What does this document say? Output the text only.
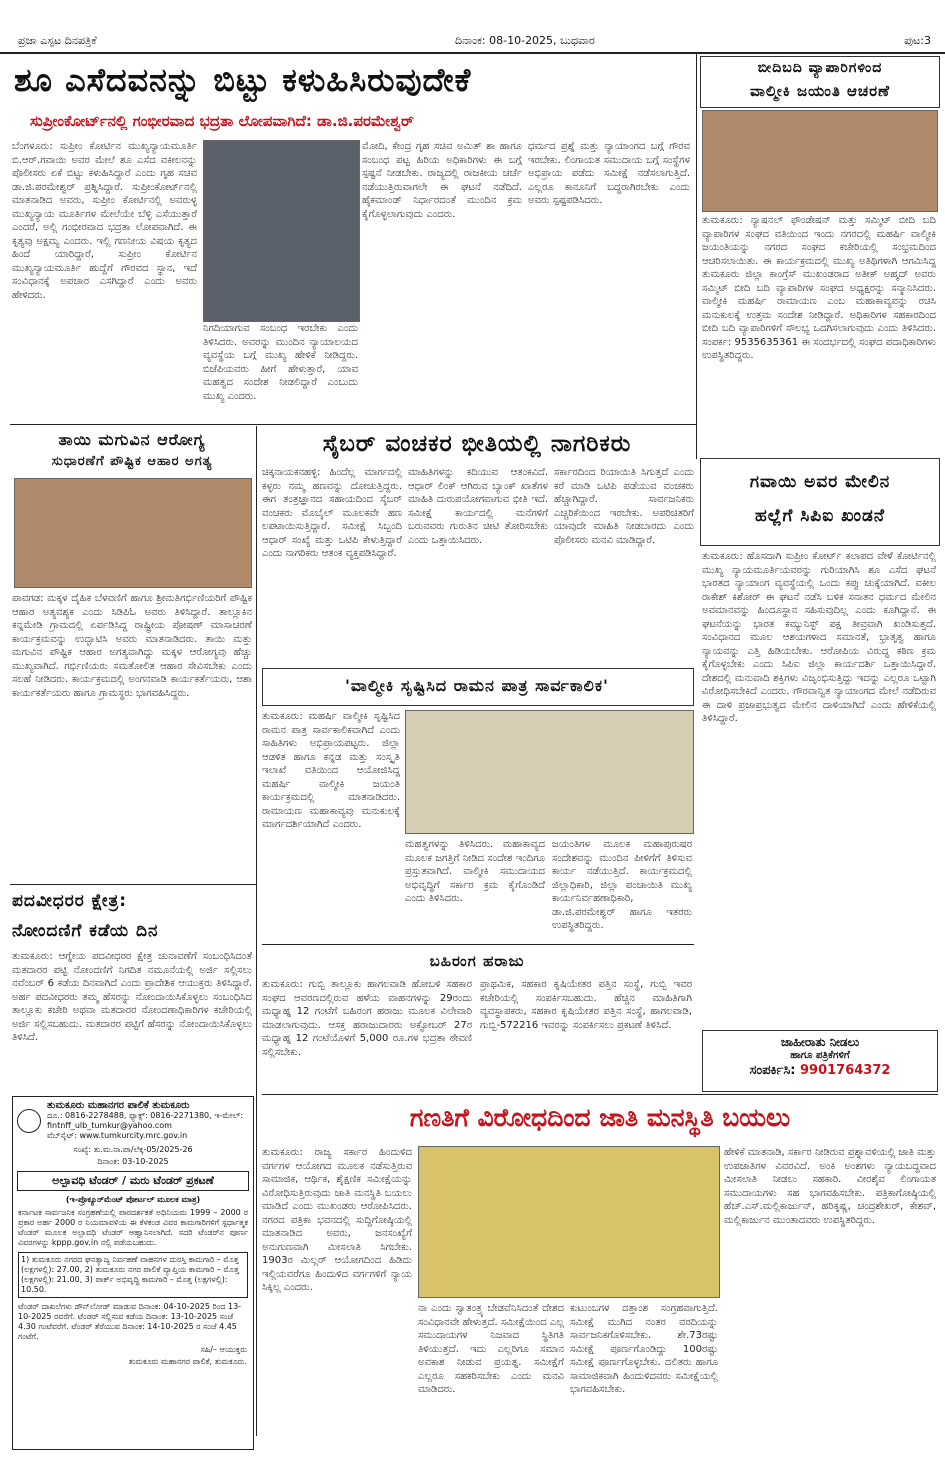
ಪ್ರಜಾ ಎಸ್ಪಟ ದಿನಪತ್ರಿಕೆ	ದಿನಾಂಕ: 08-10-2025, ಬುಧವಾರ	ಪುಟ:3
ಶೂ ಎಸೆದವನನ್ನು ಬಿಟ್ಟು ಕಳುಹಿಸಿರುವುದೇಕೆ
ಸುಪ್ರೀಂಕೋರ್ಟ್‌ನಲ್ಲಿ ಗಂಭೀರವಾದ ಭದ್ರತಾ ಲೋಪವಾಗಿದೆ: ಡಾ.ಜಿ.ಪರಮೇಶ್ವರ್
ಬೆಂಗಳೂರು: ಸುಪ್ರೀಂ ಕೋರ್ಟಿನ ಮುಖ್ಯನ್ಯಾಯಮೂರ್ತಿ ಬಿ.ಆರ್.ಗವಾಯಿ ಅವರ ಮೇಲೆ ಶೂ ಎಸೆದ ವಕೀಲನನ್ನು ಪೊಲೀಸರು ಏಕೆ ಬಿಟ್ಟು ಕಳುಹಿಸಿದ್ದಾರೆ ಎಂದು ಗೃಹ ಸಚಿವ ಡಾ.ಜಿ.ಪರಮೇಶ್ವರ್ ಪ್ರಶ್ನಿಸಿದ್ದಾರೆ. ಸುಪ್ರೀಂಕೋರ್ಟ್‌ನಲ್ಲಿ ಮಾತನಾಡಿದ ಅವರು, ಸುಪ್ರೀಂ ಕೋರ್ಟಿನಲ್ಲಿ ಅವರುಳ್ಳ ಮುಖ್ಯನ್ಯಾಯ ಮೂರ್ತಿಗಳ ಮೇಲೆಯೇ ಬೆಳ್ಳಿ ಎಸೆಯುತ್ತಾರೆ ಎಂದರೆ, ಅಲ್ಲಿ ಗಂಭೀರವಾದ ಭದ್ರತಾ ಲೋಪವಾಗಿದೆ. ಈ ಕೃತ್ಯವು ಅಕ್ಷಮ್ಯ ಎಂದರು. ಇಲ್ಲಿ ಗಣನೀಯ ವಿಷಯ ಕೃತ್ಯದ ಹಿಂದೆ ಯಾರಿದ್ದಾರೆ, ಸುಪ್ರೀಂ ಕೋರ್ಟಿನ ಮುಖ್ಯನ್ಯಾಯಮೂರ್ತಿ ಹುದ್ದೆಗೆ ಗೌರವದ ಸ್ಥಾನ, ಇದೆ ಸಂವಿಧಾನಕ್ಕೆ ಅಪಚಾರ ಎಸಗಿದ್ದಾರೆ ಎಂದು ಅವರು ಹೇಳಿದರು.
ನಿಗದಿಯಾಗುವ ಸಂಬಂಧ ಇರಬೇಕು ಎಂದು ತಿಳಿಸಿದರು. ಅವರನ್ನು ಮುಂದಿನ ನ್ಯಾಯಾಲಯದ ವ್ಯವಸ್ಥೆಯ ಬಗ್ಗೆ ಮುಖ್ಯ ಹೇಳಿಕೆ ನೀಡಿದ್ದರು. ಬಿಜೆಪಿಯವರು ಹೀಗೆ ಹೇಳುತ್ತಾರೆ, ಯಾವ ಮಹತ್ವದ ಸಂದೇಶ ನೀಡಲಿದ್ದಾರೆ ಎಂಬುದು ಮುಖ್ಯ ಎಂದರು.
ಮೋದಿ, ಕೇಂದ್ರ ಗೃಹ ಸಚಿವ ಅಮಿತ್ ಶಾ ಹಾಗೂ ಸಂಬಂಧ ಪಟ್ಟ ಹಿರಿಯ ಅಧಿಕಾರಿಗಳು ಈ ಬಗ್ಗೆ ಸ್ಪಷ್ಟನೆ ನೀಡಬೇಕು. ರಾಜ್ಯದಲ್ಲಿ ರಾಜಕೀಯ ಚರ್ಚೆ ನಡೆಯುತ್ತಿರುವಾಗಲೇ ಈ ಘಟನೆ ನಡೆದಿದೆ. ಹೈಕಮಾಂಡ್ ನಿರ್ಧಾರದಂತೆ ಮುಂದಿನ ಕ್ರಮ ಕೈಗೊಳ್ಳಲಾಗುವುದು ಎಂದರು.
ಧರ್ಮದ ಪ್ರಶ್ನೆ ಮತ್ತು ನ್ಯಾಯಾಂಗದ ಬಗ್ಗೆ ಗೌರವ ಇರಬೇಕು. ಲಿಂಗಾಯತ ಸಮುದಾಯ ಬಗ್ಗೆ ಸಂಸ್ಥೆಗಳ ಅಭಿಪ್ರಾಯ ಪಡೆದು ಸಮೀಕ್ಷೆ ನಡೆಸಲಾಗುತ್ತಿದೆ. ಎಲ್ಲರೂ ಕಾನೂನಿಗೆ ಬದ್ಧರಾಗಿರಬೇಕು ಎಂದು ಅವರು ಸ್ಪಷ್ಟಪಡಿಸಿದರು.
ಬೀದಿಬದಿ ವ್ಯಾಪಾರಿಗಳಿಂದ
ವಾಲ್ಮೀಕಿ ಜಯಂತಿ ಆಚರಣೆ
ತುಮಕೂರು: ನ್ಯಾಷನಲ್ ಫೌಂಡೇಷನ್ ಮತ್ತು ಸಮ್ಮಿಟ್ ಬೀದಿ ಬದಿ ವ್ಯಾಪಾರಿಗಳ ಸಂಘದ ವತಿಯಿಂದ ಇಂದು ನಗರದಲ್ಲಿ ಮಹರ್ಷಿ ವಾಲ್ಮೀಕಿ ಜಯಂತಿಯನ್ನು ನಗರದ ಸಂಘದ ಕಚೇರಿಯಲ್ಲಿ ಸಂಭ್ರಮದಿಂದ ಆಚರಿಸಲಾಯಿತು. ಈ ಕಾರ್ಯಕ್ರಮದಲ್ಲಿ ಮುಖ್ಯ ಅತಿಥಿಗಳಾಗಿ ಆಗಮಿಸಿದ್ದ ತುಮಕೂರು ಜಿಲ್ಲಾ ಕಾಂಗ್ರೆಸ್ ಮುಖಂಡರಾದ ಅತೀಕ್ ಅಹ್ಮದ್ ಅವರು ಸಮ್ಮಿಟ್ ಬೀದಿ ಬದಿ ವ್ಯಾಪಾರಿಗಳ ಸಂಘದ ಅಧ್ಯಕ್ಷರನ್ನು ಸನ್ಮಾನಿಸಿದರು. ವಾಲ್ಮೀಕಿ ಮಹರ್ಷಿ ರಾಮಾಯಣ ಎಂಬ ಮಹಾಕಾವ್ಯವನ್ನು ರಚಿಸಿ ಮನುಕುಲಕ್ಕೆ ಉತ್ತಮ ಸಂದೇಶ ನೀಡಿದ್ದಾರೆ. ಅಧಿಕಾರಿಗಳ ಸಹಕಾರದಿಂದ ಬೀದಿ ಬದಿ ವ್ಯಾಪಾರಿಗಳಿಗೆ ಸೌಲಭ್ಯ ಒದಗಿಸಲಾಗುವುದು ಎಂದು ತಿಳಿಸಿದರು. ಸಂಪರ್ಕ: 9535635361 ಈ ಸಂದರ್ಭದಲ್ಲಿ ಸಂಘದ ಪದಾಧಿಕಾರಿಗಳು ಉಪಸ್ಥಿತರಿದ್ದರು.
ತಾಯಿ ಮಗುವಿನ ಆರೋಗ್ಯ
ಸುಧಾರಣೆಗೆ ಪೌಷ್ಟಿಕ ಆಹಾರ ಅಗತ್ಯ
ಪಾವಗಡ: ಮಕ್ಕಳ ದೈಹಿಕ ಬೆಳವಣಿಗೆ ಹಾಗೂ ಶ್ರೀಮತಿಗರ್ಭಿಣಿಯರಿಗೆ ಪೌಷ್ಟಿಕ ಆಹಾರ ಅತ್ಯವಶ್ಯಕ ಎಂದು ಸಿಡಿಪಿಓ ಅವರು ತಿಳಿಸಿದ್ದಾರೆ. ತಾಲ್ಲೂಕಿನ ಕನ್ನಮೇಡಿ ಗ್ರಾಮದಲ್ಲಿ ಏರ್ಪಡಿಸಿದ್ದ ರಾಷ್ಟ್ರೀಯ ಪೋಷಣ್ ಮಾಸಾಚರಣೆ ಕಾರ್ಯಕ್ರಮವನ್ನು ಉದ್ಘಾಟಿಸಿ ಅವರು ಮಾತನಾಡಿದರು. ತಾಯಿ ಮತ್ತು ಮಗುವಿನ ಪೌಷ್ಟಿಕ ಆಹಾರ ಅಗತ್ಯವಾಗಿದ್ದು ಮಕ್ಕಳ ಆರೋಗ್ಯವು ಹೆಚ್ಚು ಮುಖ್ಯವಾಗಿದೆ. ಗರ್ಭಿಣಿಯರು ಸಮತೋಲಿತ ಆಹಾರ ಸೇವಿಸಬೇಕು ಎಂದು ಸಲಹೆ ನೀಡಿದರು. ಕಾರ್ಯಕ್ರಮದಲ್ಲಿ ಅಂಗನವಾಡಿ ಕಾರ್ಯಕರ್ತೆಯರು, ಆಶಾ ಕಾರ್ಯಕರ್ತೆಯರು ಹಾಗೂ ಗ್ರಾಮಸ್ಥರು ಭಾಗವಹಿಸಿದ್ದರು.
ಸೈಬರ್ ವಂಚಕರ ಭೀತಿಯಲ್ಲಿ ನಾಗರಿಕರು
ಚಿಕ್ಕನಾಯಕನಹಳ್ಳಿ: ಹಿಂದೆಲ್ಲ ಮಾರ್ಗದಲ್ಲಿ ಕಳ್ಳರು ನಮ್ಮ ಹಣವನ್ನು ದೋಚುತ್ತಿದ್ದರು. ಈಗ ತಂತ್ರಜ್ಞಾನದ ಸಹಾಯದಿಂದ ಸೈಬರ್ ವಂಚಕರು ಮೊಬೈಲ್ ಮೂಲಕವೇ ಹಣ ಲಪಟಾಯಿಸುತ್ತಿದ್ದಾರೆ. ಸಮೀಕ್ಷೆ ಸಿಬ್ಬಂದಿ ಆಧಾರ್ ಸಂಖ್ಯೆ ಮತ್ತು ಒಟಿಪಿ ಕೇಳುತ್ತಿದ್ದಾರೆ ಎಂದು ನಾಗರಿಕರು ಆತಂಕ ವ್ಯಕ್ತಪಡಿಸಿದ್ದಾರೆ.
ಮಾಹಿತಿಗಳನ್ನು ಕದಿಯುವ ಆತಂಕವಿದೆ. ಆಧಾರ್ ಲಿಂಕ್ ಆಗಿರುವ ಬ್ಯಾಂಕ್ ಖಾತೆಗಳ ಮಾಹಿತಿ ದುರುಪಯೋಗವಾಗುವ ಭೀತಿ ಇದೆ. ಸಮೀಕ್ಷೆ ಕಾರ್ಯದಲ್ಲಿ ಮನೆಗಳಿಗೆ ಬರುವವರು ಗುರುತಿನ ಚೀಟಿ ತೋರಿಸಬೇಕು ಎಂದು ಒತ್ತಾಯಿಸಿದರು.
ಸರ್ಕಾರದಿಂದ ರಿಯಾಯಿತಿ ಸಿಗುತ್ತದೆ ಎಂದು ಕರೆ ಮಾಡಿ ಒಟಿಪಿ ಪಡೆಯುವ ವಂಚಕರು ಹೆಚ್ಚಾಗಿದ್ದಾರೆ. ಸಾರ್ವಜನಿಕರು ಎಚ್ಚರಿಕೆಯಿಂದ ಇರಬೇಕು. ಅಪರಿಚಿತರಿಗೆ ಯಾವುದೇ ಮಾಹಿತಿ ನೀಡಬಾರದು ಎಂದು ಪೊಲೀಸರು ಮನವಿ ಮಾಡಿದ್ದಾರೆ.
ಗವಾಯಿ ಅವರ ಮೇಲಿನ
ಹಲ್ಲೆಗೆ ಸಿಪಿಐ ಖಂಡನೆ
ತುಮಕೂರು: ಹೊಸದಾಗಿ ಸುಪ್ರೀಂ ಕೋರ್ಟ್ ಕಲಾಪದ ವೇಳೆ ಕೋರ್ಟಿನಲ್ಲಿ ಮುಖ್ಯ ನ್ಯಾಯಮೂರ್ತಿಯವರನ್ನು ಗುರಿಯಾಗಿಸಿ ಶೂ ಎಸೆದ ಘಟನೆ ಭಾರತದ ನ್ಯಾಯಾಂಗ ವ್ಯವಸ್ಥೆಯಲ್ಲಿ ಒಂದು ಕಪ್ಪು ಚುಕ್ಕೆಯಾಗಿದೆ. ವಕೀಲ ರಾಕೇಶ್ ಕಿಶೋರ್ ಈ ಘಟನೆ ನಡೆಸಿ ಬಳಿಕ ಸನಾತನ ಧರ್ಮದ ಮೇಲಿನ ಅವಮಾನವನ್ನು ಹಿಂದೂಸ್ಥಾನ ಸಹಿಸುವುದಿಲ್ಲ ಎಂದು ಕೂಗಿದ್ದಾನೆ. ಈ ಘಟನೆಯನ್ನು ಭಾರತ ಕಮ್ಯುನಿಸ್ಟ್ ಪಕ್ಷ ತೀವ್ರವಾಗಿ ಖಂಡಿಸುತ್ತದೆ. ಸಂವಿಧಾನದ ಮೂಲ ಆಶಯಗಳಾದ ಸಮಾನತೆ, ಭ್ರಾತೃತ್ವ ಹಾಗೂ ನ್ಯಾಯವನ್ನು ಎತ್ತಿ ಹಿಡಿಯಬೇಕು. ಆರೋಪಿಯ ವಿರುದ್ಧ ಕಠಿಣ ಕ್ರಮ ಕೈಗೊಳ್ಳಬೇಕು ಎಂದು ಸಿಪಿಐ ಜಿಲ್ಲಾ ಕಾರ್ಯದರ್ಶಿ ಒತ್ತಾಯಿಸಿದ್ದಾರೆ. ದೇಶದಲ್ಲಿ ಮನುವಾದಿ ಶಕ್ತಿಗಳು ವಿಜೃಂಭಿಸುತ್ತಿದ್ದು ಇದನ್ನು ಎಲ್ಲರೂ ಒಟ್ಟಾಗಿ ವಿರೋಧಿಸಬೇಕಿದೆ ಎಂದರು. ಗೌರವಾನ್ವಿತ ನ್ಯಾಯಾಂಗದ ಮೇಲೆ ನಡೆದಿರುವ ಈ ದಾಳಿ ಪ್ರಜಾಪ್ರಭುತ್ವದ ಮೇಲಿನ ದಾಳಿಯಾಗಿದೆ ಎಂದು ಹೇಳಿಕೆಯಲ್ಲಿ ತಿಳಿಸಿದ್ದಾರೆ.
'ವಾಲ್ಮೀಕಿ ಸೃಷ್ಟಿಸಿದ ರಾಮನ ಪಾತ್ರ ಸಾರ್ವಕಾಲಿಕ'
ತುಮಕೂರು: ಮಹರ್ಷಿ ವಾಲ್ಮೀಕಿ ಸೃಷ್ಟಿಸಿದ ರಾಮನ ಪಾತ್ರ ಸಾರ್ವಕಾಲಿಕವಾಗಿದೆ ಎಂದು ಸಾಹಿತಿಗಳು ಅಭಿಪ್ರಾಯಪಟ್ಟರು. ಜಿಲ್ಲಾ ಆಡಳಿತ ಹಾಗೂ ಕನ್ನಡ ಮತ್ತು ಸಂಸ್ಕೃತಿ ಇಲಾಖೆ ವತಿಯಿಂದ ಆಯೋಜಿಸಿದ್ದ ಮಹರ್ಷಿ ವಾಲ್ಮೀಕಿ ಜಯಂತಿ ಕಾರ್ಯಕ್ರಮದಲ್ಲಿ ಮಾತನಾಡಿದರು. ರಾಮಾಯಣ ಮಹಾಕಾವ್ಯವು ಮನುಕುಲಕ್ಕೆ ಮಾರ್ಗದರ್ಶಿಯಾಗಿದೆ ಎಂದರು.
ಮಹತ್ವಗಳನ್ನು ತಿಳಿಸಿದರು. ಮಹಾಕಾವ್ಯದ ಮೂಲಕ ಜಗತ್ತಿಗೆ ನೀಡಿದ ಸಂದೇಶ ಇಂದಿಗೂ ಪ್ರಸ್ತುತವಾಗಿದೆ. ವಾಲ್ಮೀಕಿ ಸಮುದಾಯದ ಅಭಿವೃದ್ಧಿಗೆ ಸರ್ಕಾರ ಕ್ರಮ ಕೈಗೊಂಡಿದೆ ಎಂದು ತಿಳಿಸಿದರು.
ಜಯಂತಿಗಳ ಮೂಲಕ ಮಹಾಪುರುಷರ ಸಂದೇಶವನ್ನು ಮುಂದಿನ ಪೀಳಿಗೆಗೆ ತಿಳಿಸುವ ಕಾರ್ಯ ನಡೆಯುತ್ತಿದೆ. ಕಾರ್ಯಕ್ರಮದಲ್ಲಿ ಜಿಲ್ಲಾಧಿಕಾರಿ, ಜಿಲ್ಲಾ ಪಂಚಾಯಿತಿ ಮುಖ್ಯ ಕಾರ್ಯನಿರ್ವಹಣಾಧಿಕಾರಿ, ಡಾ.ಜಿ.ಪರಮೇಶ್ವರ್ ಹಾಗೂ ಇತರರು ಉಪಸ್ಥಿತರಿದ್ದರು.
ಪದವೀಧರರ ಕ್ಷೇತ್ರ:
ನೋಂದಣಿಗೆ ಕಡೆಯ ದಿನ
ತುಮಕೂರು: ಆಗ್ನೇಯ ಪದವೀಧರರ ಕ್ಷೇತ್ರ ಚುನಾವಣೆಗೆ ಸಂಬಂಧಿಸಿದಂತೆ ಮತದಾರರ ಪಟ್ಟಿ ನೋಂದಣಿಗೆ ನಿಗದಿತ ನಮೂನೆಯಲ್ಲಿ ಅರ್ಜಿ ಸಲ್ಲಿಸಲು ನವೆಂಬರ್ 6 ಕಡೆಯ ದಿನವಾಗಿದೆ ಎಂದು ಪ್ರಾದೇಶಿಕ ಆಯುಕ್ತರು ತಿಳಿಸಿದ್ದಾರೆ. ಅರ್ಹ ಪದವೀಧರರು ತಮ್ಮ ಹೆಸರನ್ನು ನೋಂದಾಯಿಸಿಕೊಳ್ಳಲು ಸಂಬಂಧಿಸಿದ ತಾಲ್ಲೂಕು ಕಚೇರಿ ಅಥವಾ ಮತದಾರರ ನೋಂದಣಾಧಿಕಾರಿಗಳ ಕಚೇರಿಯಲ್ಲಿ ಅರ್ಜಿ ಸಲ್ಲಿಸಬಹುದು. ಮತದಾರರ ಪಟ್ಟಿಗೆ ಹೆಸರನ್ನು ನೋಂದಾಯಿಸಿಕೊಳ್ಳಲು ತಿಳಿಸಿದೆ.
ಬಹಿರಂಗ ಹರಾಜು
ತುಮಕೂರು: ಗುಬ್ಬಿ ತಾಲ್ಲೂಕು ಹಾಗಲವಾಡಿ ಹೋಬಳಿ ಸಹಕಾರ ಸಂಘದ ಆವರಣದಲ್ಲಿರುವ ಹಳೆಯ ವಾಹನಗಳನ್ನು 29ರಂದು ಮಧ್ಯಾಹ್ನ 12 ಗಂಟೆಗೆ ಬಹಿರಂಗ ಹರಾಜು ಮೂಲಕ ವಿಲೇವಾರಿ ಮಾಡಲಾಗುವುದು. ಆಸಕ್ತ ಹರಾಜುದಾರರು ಅಕ್ಟೋಬರ್ 27ರ ಮಧ್ಯಾಹ್ನ 12 ಗಂಟೆಯೊಳಗೆ 5,000 ರೂ.ಗಳ ಭದ್ರತಾ ಠೇವಣಿ ಸಲ್ಲಿಸಬೇಕು.
ಪ್ರಾಥಮಿಕ, ಸಹಕಾರ ಕೃಷಿಯೇತರ ಪತ್ತಿನ ಸಂಸ್ಥೆ, ಗುಬ್ಬಿ ಇವರ ಕಚೇರಿಯಲ್ಲಿ ಸಂಪರ್ಕಿಸಬಹುದು. ಹೆಚ್ಚಿನ ಮಾಹಿತಿಗಾಗಿ ವ್ಯವಸ್ಥಾಪಕರು, ಸಹಕಾರ ಕೃಷಿಯೇತರ ಪತ್ತಿನ ಸಂಸ್ಥೆ, ಹಾಗಲವಾಡಿ, ಗುಬ್ಬಿ-572216 ಇವರನ್ನು ಸಂಪರ್ಕಿಸಲು ಪ್ರಕಟಣೆ ತಿಳಿಸಿದೆ.
ಜಾಹೀರಾತು ನೀಡಲು
ಹಾಗೂ ಪತ್ರಿಕೆಗಳಿಗೆ
ಸಂಪರ್ಕಿಸಿ: 9901764372
ತುಮಕೂರು ಮಹಾನಗರ ಪಾಲಿಕೆ ತುಮಕೂರು
ದೂ.: 0816-2278488, ಫ್ಯಾಕ್ಸ್: 0816-2271380, ಇ-ಮೇಲ್: fintnff_ulb_tumkur@yahoo.com
ವೆಬ್‌ಸೈಟ್: www.tumkurcity.mrc.gov.in
ಸಂಖ್ಯೆ: ತು.ಮ.ನಾ.ಪಾ/ಲೆಕ್ಕ-05/2025-26
ದಿನಾಂಕ: 03-10-2025
ಅಲ್ಪಾವಧಿ ಟೆಂಡರ್ / ಮರು ಟೆಂಡರ್ ಪ್ರಕಟಣೆ
(ಇ-ಪ್ರೊಕ್ಯೂರ್‌ಮೆಂಟ್ ಪೋರ್ಟಲ್ ಮೂಲಕ ಮಾತ್ರ)
ಕರ್ನಾಟಕ ಸಾರ್ವಜನಿಕ ಸಂಗ್ರಹಣೆಯಲ್ಲಿ ಪಾರದರ್ಶಕತೆ ಅಧಿನಿಯಮ 1999 – 2000 ರ ಪ್ರಕಾರ ಅರ್ಹ 2000 ರ ನಿಯಮಾವಳಿಯ ಈ ಕೆಳಕಂಡ ವಿವರ ಕಾಮಗಾರಿಗಳಿಗೆ ಸ್ಪರ್ಧಾತ್ಮಕ ಟೆಂಡರ್ ಮೂಲಕ ಅಲ್ಪಾವಧಿ ಟೆಂಡರ್ ಆಹ್ವಾನಿಸಲಾಗಿದೆ. ಸದರಿ ಟೆಂಡರ್‌ನ ಪೂರ್ಣ ವಿವರಗಳನ್ನು kppp.gov.in ನಲ್ಲಿ ಪಡೆಯಬಹುದು.
1) ತುಮಕೂರು ನಗರದ ಘನತ್ಯಾಜ್ಯ ನಿರ್ವಹಣೆ ವಾಹನಗಳ ದುರಸ್ತಿ ಕಾಮಗಾರಿ – ಮೊತ್ತ (ಲಕ್ಷಗಳಲ್ಲಿ): 27.00, 2) ತುಮಕೂರು ನಗರ ಪಾಲಿಕೆ ವ್ಯಾಪ್ತಿಯ ಕಾಮಗಾರಿ – ಮೊತ್ತ (ಲಕ್ಷಗಳಲ್ಲಿ): 21.00, 3) ಪಾರ್ಕ್ ಅಭಿವೃದ್ಧಿ ಕಾಮಗಾರಿ – ಮೊತ್ತ (ಲಕ್ಷಗಳಲ್ಲಿ): 10.50.
ಟೆಂಡರ್ ದಾಖಲೆಗಳು ಡೌನ್‌ಲೋಡ್ ಮಾಡುವ ದಿನಾಂಕ: 04-10-2025 ರಿಂದ 13-10-2025 ರವರೆಗೆ. ಟೆಂಡರ್ ಸಲ್ಲಿಸುವ ಕಡೆಯ ದಿನಾಂಕ: 13-10-2025 ಸಂಜೆ 4.30 ಗಂಟೆವರೆಗೆ. ಟೆಂಡರ್ ತೆರೆಯುವ ದಿನಾಂಕ: 14-10-2025 ರ ಸಂಜೆ 4.45 ಗಂಟೆಗೆ.
ಸಹಿ/– ಆಯುಕ್ತರು
ತುಮಕೂರು ಮಹಾನಗರ ಪಾಲಿಕೆ, ತುಮಕೂರು.
ಗಣತಿಗೆ ವಿರೋಧದಿಂದ ಜಾತಿ ಮನಸ್ಥಿತಿ ಬಯಲು
ತುಮಕೂರು: ರಾಜ್ಯ ಸರ್ಕಾರ ಹಿಂದುಳಿದ ವರ್ಗಗಳ ಆಯೋಗದ ಮೂಲಕ ನಡೆಸುತ್ತಿರುವ ಸಾಮಾಜಿಕ, ಆರ್ಥಿಕ, ಶೈಕ್ಷಣಿಕ ಸಮೀಕ್ಷೆಯನ್ನು ವಿರೋಧಿಸುತ್ತಿರುವುದು ಜಾತಿ ಮನಸ್ಥಿತಿ ಬಯಲು ಮಾಡಿದೆ ಎಂದು ಮುಖಂಡರು ಆರೋಪಿಸಿದರು. ನಗರದ ಪತ್ರಿಕಾ ಭವನದಲ್ಲಿ ಸುದ್ದಿಗೋಷ್ಠಿಯಲ್ಲಿ ಮಾತನಾಡಿದ ಅವರು, ಜನಸಂಖ್ಯೆಗೆ ಅನುಗುಣವಾಗಿ ಮೀಸಲಾತಿ ಸಿಗಬೇಕು. 1903ರ ಮಿಲ್ಲರ್ ಆಯೋಗದಿಂದ ಹಿಡಿದು ಇಲ್ಲಿಯವರೆಗೂ ಹಿಂದುಳಿದ ವರ್ಗಗಳಿಗೆ ನ್ಯಾಯ ಸಿಕ್ಕಿಲ್ಲ ಎಂದರು.
ನಾ ಎಂದು ಸ್ವಾತಂತ್ರ್ಯ ಬೇಡವೆನಿಸಿದಂತೆ ದೇಶದ ಸಂವಿಧಾನವೇ ಹೇಳುತ್ತದೆ. ಸಮೀಕ್ಷೆಯಿಂದ ಎಲ್ಲ ಸಮುದಾಯಗಳ ನಿಜವಾದ ಸ್ಥಿತಿಗತಿ ತಿಳಿಯುತ್ತದೆ. ಇದು ಎಲ್ಲರಿಗೂ ಸಮಾನ ಅವಕಾಶ ನೀಡುವ ಪ್ರಯತ್ನ. ಸಮೀಕ್ಷೆಗೆ ಎಲ್ಲರೂ ಸಹಕರಿಸಬೇಕು ಎಂದು ಮನವಿ ಮಾಡಿದರು.
ಕುಟುಂಬಗಳ ದತ್ತಾಂಶ ಸಂಗ್ರಹವಾಗುತ್ತಿದೆ. ಸಮೀಕ್ಷೆ ಮುಗಿದ ನಂತರ ವರದಿಯನ್ನು ಸಾರ್ವಜನಿಕಗೊಳಿಸಬೇಕು. ಶೇ.73ರಷ್ಟು ಸಮೀಕ್ಷೆ ಪೂರ್ಣಗೊಂಡಿದ್ದು 100ರಷ್ಟು ಸಮೀಕ್ಷೆ ಪೂರ್ಣಗೊಳ್ಳಬೇಕು. ದಲಿತರು ಹಾಗೂ ಸಾಮಾಜಿಕವಾಗಿ ಹಿಂದುಳಿದವರು ಸಮೀಕ್ಷೆಯಲ್ಲಿ ಭಾಗವಹಿಸಬೇಕು.
ಹೇಳಿಕೆ ಮಾತನಾಡಿ, ಸರ್ಕಾರ ನೀಡಿರುವ ಪ್ರಶ್ನಾವಳಿಯಲ್ಲಿ ಜಾತಿ ಮತ್ತು ಉಪಜಾತಿಗಳ ವಿವರವಿದೆ. ಅಂಕಿ ಅಂಶಗಳು ನ್ಯಾಯಬದ್ಧವಾದ ಮೀಸಲಾತಿ ನೀಡಲು ಸಹಕಾರಿ. ವೀರಶೈವ ಲಿಂಗಾಯತ ಸಮುದಾಯಗಳು ಸಹ ಭಾಗವಹಿಸಬೇಕು. ಪತ್ರಿಕಾಗೋಷ್ಠಿಯಲ್ಲಿ ಹೆಚ್.ಎಸ್.ಮಲ್ಲಿಕಾರ್ಜುನ್, ಹರಿಕೃಷ್ಣ, ಚಂದ್ರಶೇಖರ್, ಕೇಶವ್, ಮಲ್ಲಿಕಾರ್ಜುನ ಮುಂತಾದವರು ಉಪಸ್ಥಿತರಿದ್ದರು.
